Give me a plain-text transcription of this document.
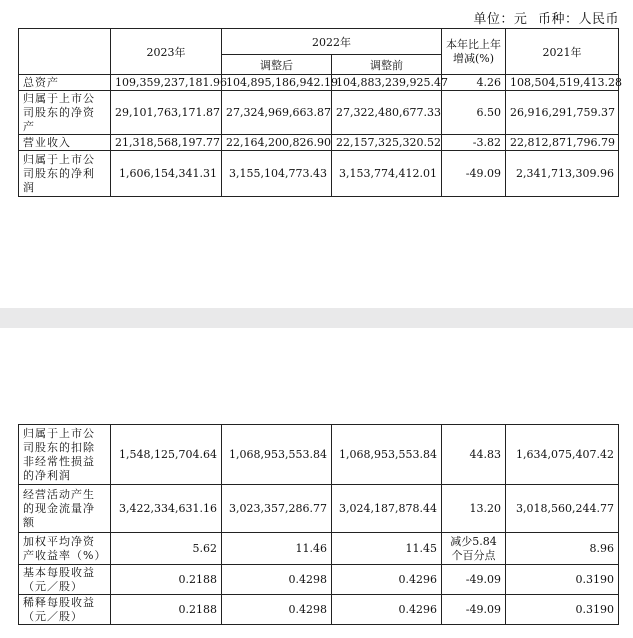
单位：元 币种：人民币
	2023年	2022年		本年比上年增减(%)	2021年
		调整后	调整前		
总资产	109,359,237,181.96	104,895,186,942.19	104,883,239,925.47	4.26	108,504,519,413.28
归属于上市公司股东的净资产	29,101,763,171.87	27,324,969,663.87	27,322,480,677.33	6.50	26,916,291,759.37
营业收入	21,318,568,197.77	22,164,200,826.90	22,157,325,320.52	-3.82	22,812,871,796.79
归属于上市公司股东的净利润	1,606,154,341.31	3,155,104,773.43	3,153,774,412.01	-49.09	2,341,713,309.96
归属于上市公司股东的扣除非经常性损益的净利润	1,548,125,704.64	1,068,953,553.84	1,068,953,553.84	44.83	1,634,075,407.42
经营活动产生的现金流量净额	3,422,334,631.16	3,023,357,286.77	3,024,187,878.44	13.20	3,018,560,244.77
加权平均净资产收益率（%）	5.62	11.46	11.45	减少5.84个百分点	8.96
基本每股收益（元／股）	0.2188	0.4298	0.4296	-49.09	0.3190
稀释每股收益（元／股）	0.2188	0.4298	0.4296	-49.09	0.3190
